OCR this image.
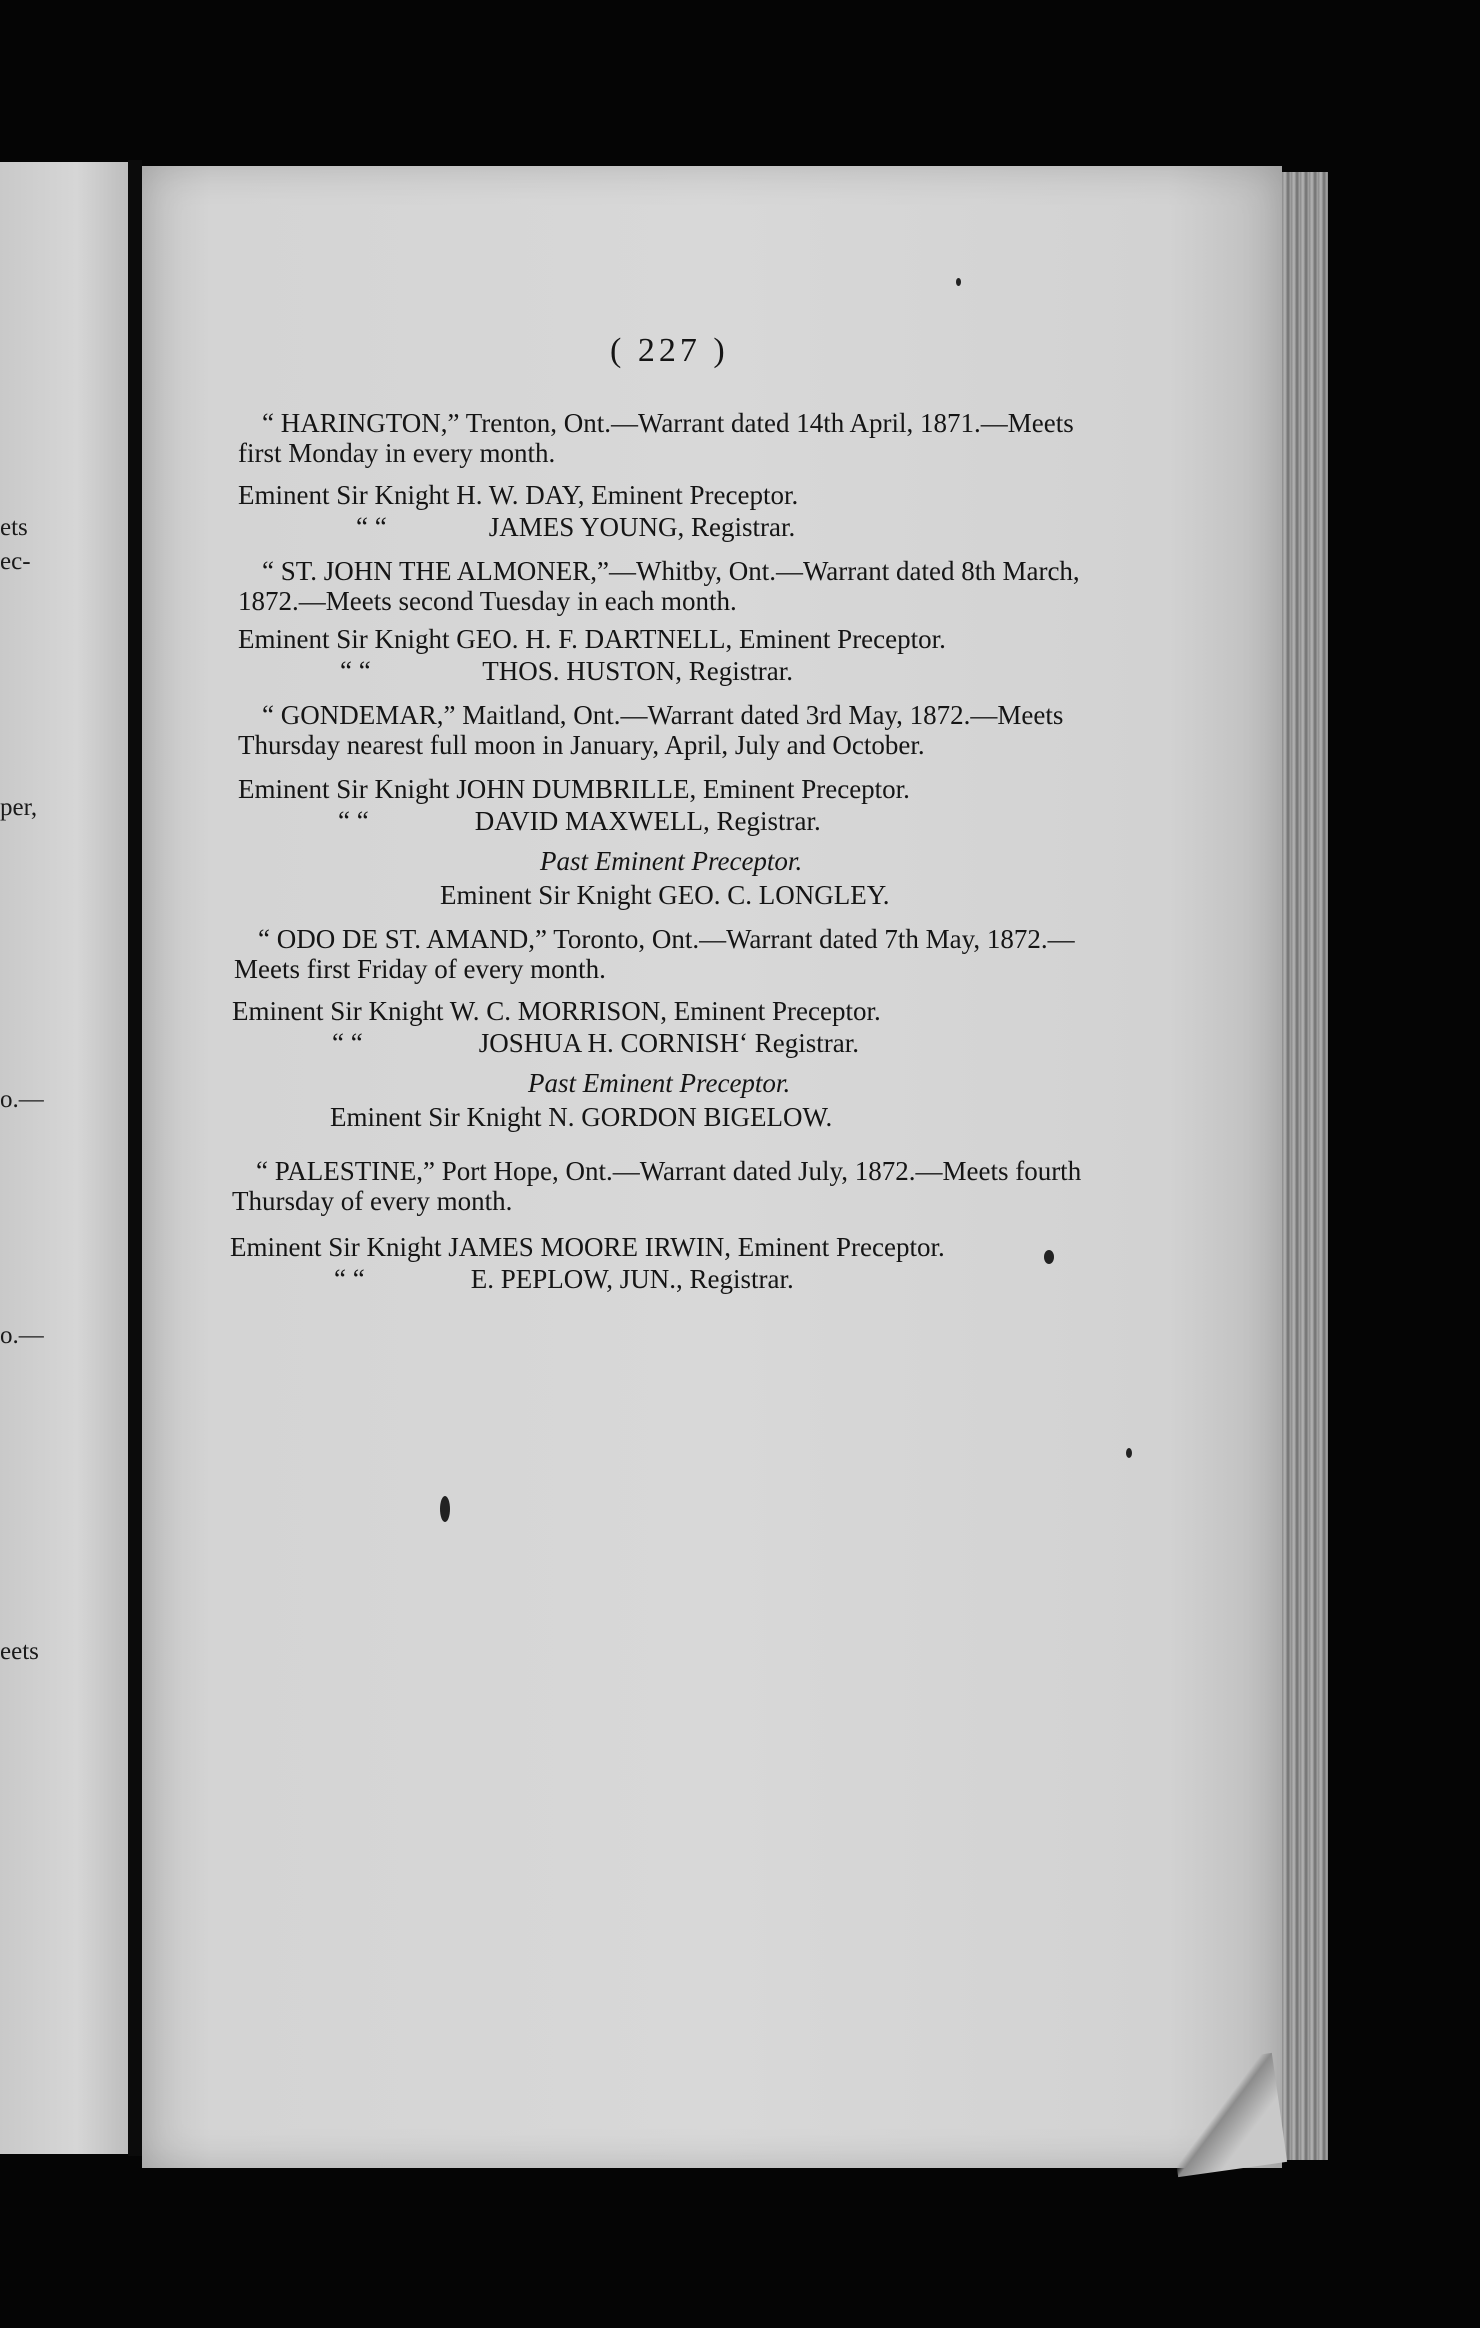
ets
ec-
per,
o.—
o.—
eets
( 227 )
“ HARINGTON,” Trenton, Ont.—Warrant dated 14th April, 1871.—Meets
first Monday in every month.
Eminent Sir Knight H. W. DAY, Eminent Preceptor.
“ “	JAMES YOUNG, Registrar.
“ ST. JOHN THE ALMONER,”—Whitby, Ont.—Warrant dated 8th March,
1872.—Meets second Tuesday in each month.
Eminent Sir Knight GEO. H. F. DARTNELL, Eminent Preceptor.
“ “	THOS. HUSTON, Registrar.
“ GONDEMAR,” Maitland, Ont.—Warrant dated 3rd May, 1872.—Meets
Thursday nearest full moon in January, April, July and October.
Eminent Sir Knight JOHN DUMBRILLE, Eminent Preceptor.
“ “	DAVID MAXWELL, Registrar.
Past Eminent Preceptor.
Eminent Sir Knight GEO. C. LONGLEY.
“ ODO DE ST. AMAND,” Toronto, Ont.—Warrant dated 7th May, 1872.—
Meets first Friday of every month.
Eminent Sir Knight W. C. MORRISON, Eminent Preceptor.
“ “	JOSHUA H. CORNISH‘ Registrar.
Past Eminent Preceptor.
Eminent Sir Knight N. GORDON BIGELOW.
“ PALESTINE,” Port Hope, Ont.—Warrant dated July, 1872.—Meets fourth
Thursday of every month.
Eminent Sir Knight JAMES MOORE IRWIN, Eminent Preceptor.
“ “	E. PEPLOW, JUN., Registrar.
